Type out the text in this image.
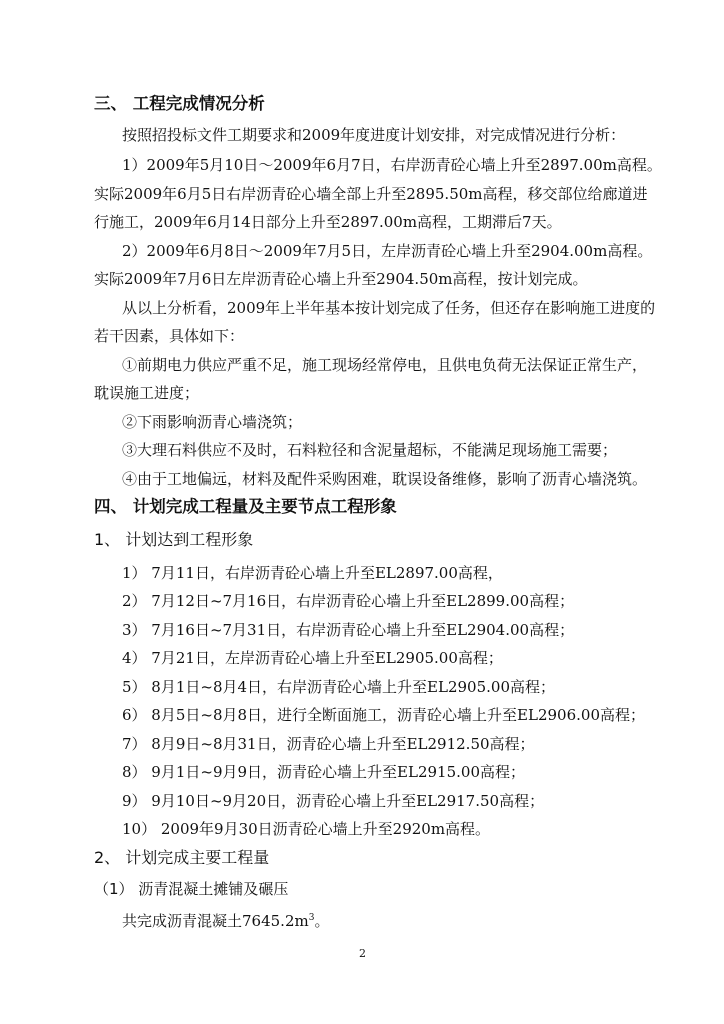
三、 工程完成情况分析
按照招投标文件工期要求和2009年度进度计划安排，对完成情况进行分析：
1）2009年5月10日～2009年6月7日，右岸沥青砼心墙上升至2897.00m高程。
实际2009年6月5日右岸沥青砼心墙全部上升至2895.50m高程，移交部位给廊道进
行施工，2009年6月14日部分上升至2897.00m高程，工期滞后7天。
2）2009年6月8日～2009年7月5日，左岸沥青砼心墙上升至2904.00m高程。
实际2009年7月6日左岸沥青砼心墙上升至2904.50m高程，按计划完成。
从以上分析看，2009年上半年基本按计划完成了任务，但还存在影响施工进度的
若干因素，具体如下：
①前期电力供应严重不足，施工现场经常停电，且供电负荷无法保证正常生产，
耽误施工进度；
②下雨影响沥青心墙浇筑；
③大理石料供应不及时，石料粒径和含泥量超标，不能满足现场施工需要；
④由于工地偏远，材料及配件采购困难，耽误设备维修，影响了沥青心墙浇筑。
四、 计划完成工程量及主要节点工程形象
1、 计划达到工程形象
1） 7月11日，右岸沥青砼心墙上升至EL2897.00高程，
2） 7月12日~7月16日，右岸沥青砼心墙上升至EL2899.00高程；
3） 7月16日~7月31日，右岸沥青砼心墙上升至EL2904.00高程；
4） 7月21日，左岸沥青砼心墙上升至EL2905.00高程；
5） 8月1日~8月4日，右岸沥青砼心墙上升至EL2905.00高程；
6） 8月5日~8月8日，进行全断面施工，沥青砼心墙上升至EL2906.00高程；
7） 8月9日~8月31日，沥青砼心墙上升至EL2912.50高程；
8） 9月1日~9月9日，沥青砼心墙上升至EL2915.00高程；
9） 9月10日~9月20日，沥青砼心墙上升至EL2917.50高程；
10） 2009年9月30日沥青砼心墙上升至2920m高程。
2、 计划完成主要工程量
（1） 沥青混凝土摊铺及碾压
共完成沥青混凝土$7645.2m^3$。
2
